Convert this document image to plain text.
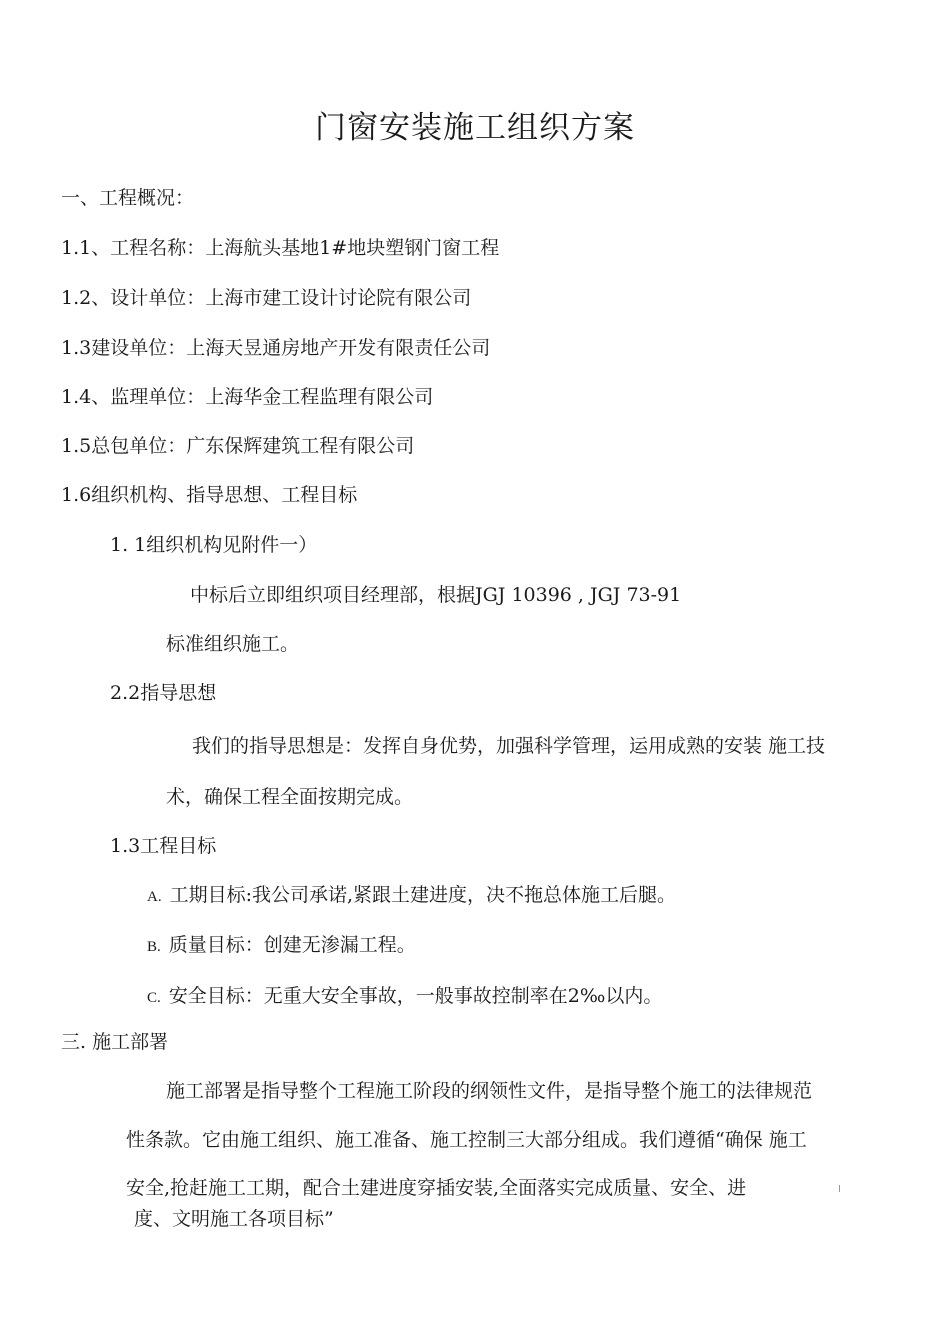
门窗安装施工组织方案
一、工程概况：
1.1、工程名称：上海航头基地1#地块塑钢门窗工程
1.2、设计单位：上海市建工设计讨论院有限公司
1.3建设单位：上海天昱通房地产开发有限责任公司
1.4、监理单位：上海华金工程监理有限公司
1.5总包单位：广东保辉建筑工程有限公司
1.6组织机构、指导思想、工程目标
1. 1组织机构见附件一）
中标后立即组织项目经理部，根据JGJ 10396 , JGJ 73-91
标准组织施工。
2.2指导思想
我们的指导思想是：发挥自身优势，加强科学管理，运用成熟的安装 施工技
术，确保工程全面按期完成。
1.3工程目标
A. 工期目标:我公司承诺,紧跟土建进度，决不拖总体施工后腿。
B. 质量目标：创建无渗漏工程。
C. 安全目标：无重大安全事故，一般事故控制率在2‰以内。
三. 施工部署
施工部署是指导整个工程施工阶段的纲领性文件，是指导整个施工的法律规范
性条款。它由施工组织、施工准备、施工控制三大部分组成。我们遵循“确保 施工
安全,抢赶施工工期，配合土建进度穿插安装,全面落实完成质量、安全、进
度、文明施工各项目标”
